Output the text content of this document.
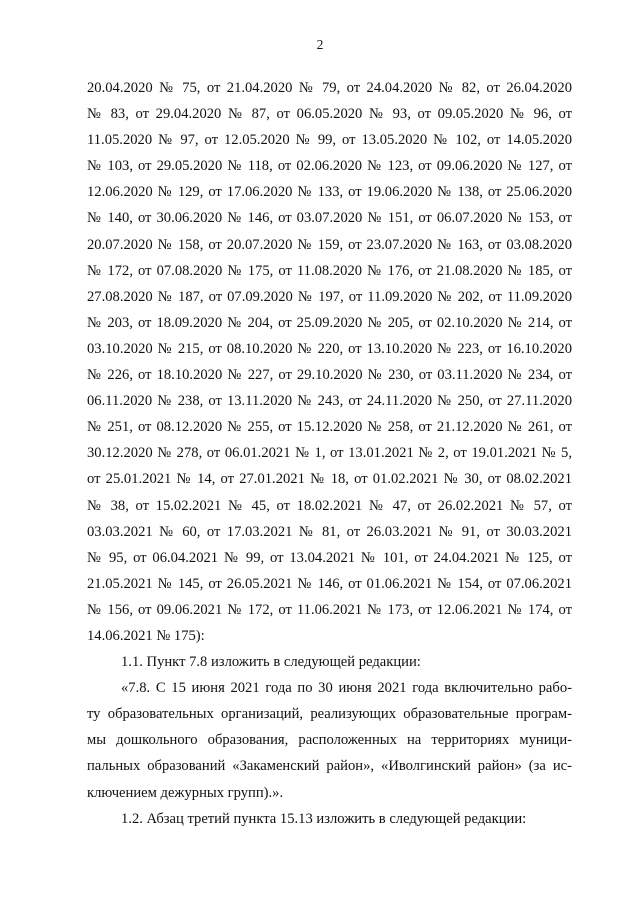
2
20.04.2020 № 75, от 21.04.2020 № 79, от 24.04.2020 № 82, от 26.04.2020
№ 83, от 29.04.2020 № 87, от 06.05.2020 № 93, от 09.05.2020 № 96, от
11.05.2020 № 97, от 12.05.2020 № 99, от 13.05.2020 № 102, от 14.05.2020
№ 103, от 29.05.2020 № 118, от 02.06.2020 № 123, от 09.06.2020 № 127, от
12.06.2020 № 129, от 17.06.2020 № 133, от 19.06.2020 № 138, от 25.06.2020
№ 140, от 30.06.2020 № 146, от 03.07.2020 № 151, от 06.07.2020 № 153, от
20.07.2020 № 158, от 20.07.2020 № 159, от 23.07.2020 № 163, от 03.08.2020
№ 172, от 07.08.2020 № 175, от 11.08.2020 № 176, от 21.08.2020 № 185, от
27.08.2020 № 187, от 07.09.2020 № 197, от 11.09.2020 № 202, от 11.09.2020
№ 203, от 18.09.2020 № 204, от 25.09.2020 № 205, от 02.10.2020 № 214, от
03.10.2020 № 215, от 08.10.2020 № 220, от 13.10.2020 № 223, от 16.10.2020
№ 226, от 18.10.2020 № 227, от 29.10.2020 № 230, от 03.11.2020 № 234, от
06.11.2020 № 238, от 13.11.2020 № 243, от 24.11.2020 № 250, от 27.11.2020
№ 251, от 08.12.2020 № 255, от 15.12.2020 № 258, от 21.12.2020 № 261, от
30.12.2020 № 278, от 06.01.2021 № 1, от 13.01.2021 № 2, от 19.01.2021 № 5,
от 25.01.2021 № 14, от 27.01.2021 № 18, от 01.02.2021 № 30, от 08.02.2021
№ 38, от 15.02.2021 № 45, от 18.02.2021 № 47, от 26.02.2021 № 57, от
03.03.2021 № 60, от 17.03.2021 № 81, от 26.03.2021 № 91, от 30.03.2021
№ 95, от 06.04.2021 № 99, от 13.04.2021 № 101, от 24.04.2021 № 125, от
21.05.2021 № 145, от 26.05.2021 № 146, от 01.06.2021 № 154, от 07.06.2021
№ 156, от 09.06.2021 № 172, от 11.06.2021 № 173, от 12.06.2021 № 174, от
14.06.2021 № 175):
1.1. Пункт 7.8 изложить в следующей редакции:
«7.8. С 15 июня 2021 года по 30 июня 2021 года включительно рабо-
ту образовательных организаций, реализующих образовательные програм-
мы дошкольного образования, расположенных на территориях муници-
пальных образований «Закаменский район», «Иволгинский район» (за ис-
ключением дежурных групп).».
1.2. Абзац третий пункта 15.13 изложить в следующей редакции:
